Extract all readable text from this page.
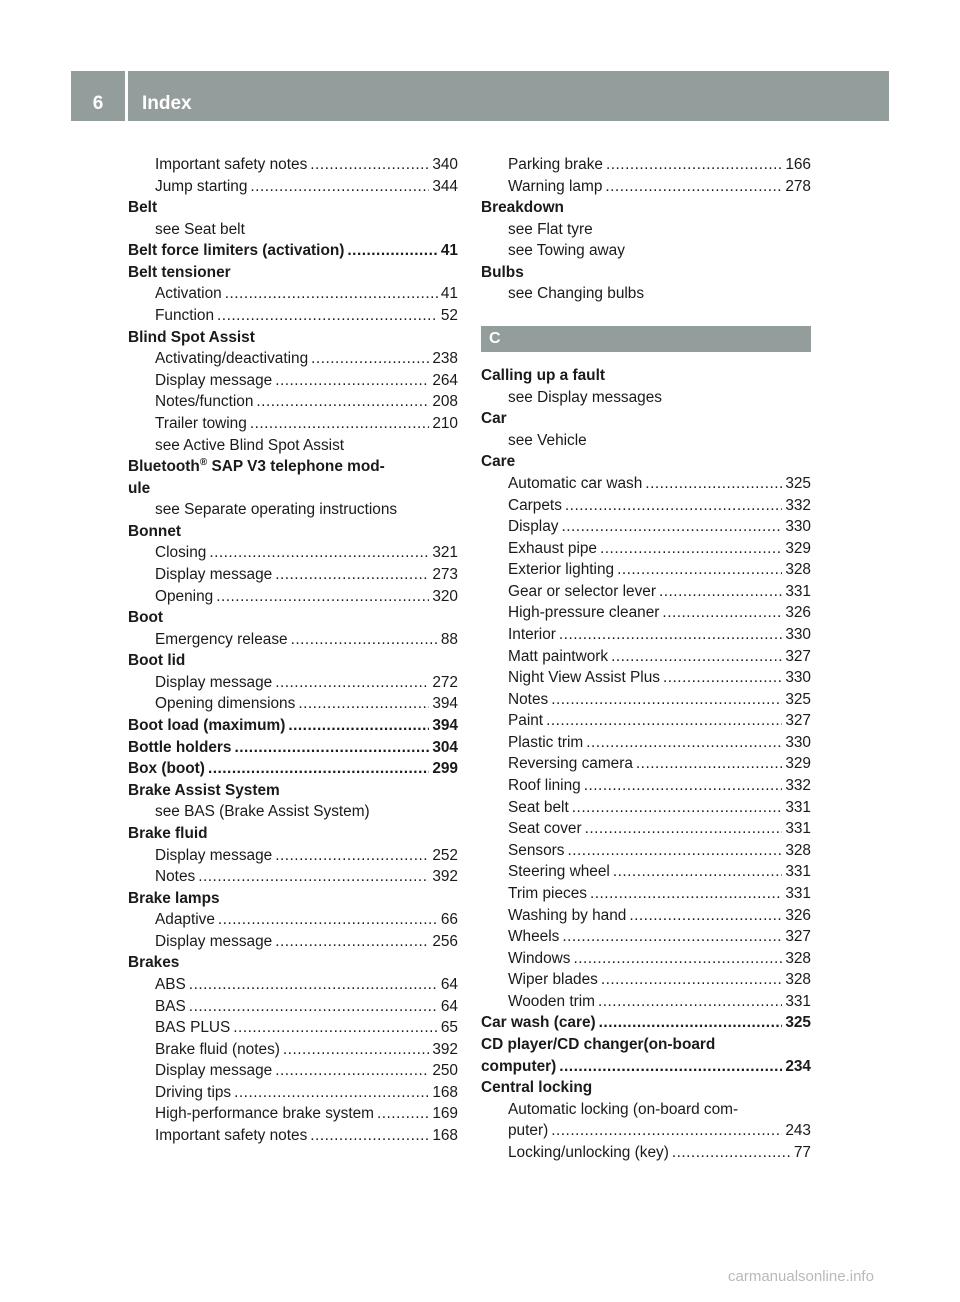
6	Index
Important safety notes .....	340
Jump starting .....	344
Belt
see Seat belt
Belt force limiters (activation) .....	41
Belt tensioner
Activation .....	41
Function .....	52
Blind Spot Assist
Activating/deactivating .....	238
Display message .....	264
Notes/function .....	208
Trailer towing .....	210
see Active Blind Spot Assist
Bluetooth® SAP V3 telephone mod-
ule
see Separate operating instructions
Bonnet
Closing .....	321
Display message .....	273
Opening .....	320
Boot
Emergency release .....	88
Boot lid
Display message .....	272
Opening dimensions .....	394
Boot load (maximum) .....	394
Bottle holders .....	304
Box (boot) .....	299
Brake Assist System
see BAS (Brake Assist System)
Brake fluid
Display message .....	252
Notes .....	392
Brake lamps
Adaptive .....	66
Display message .....	256
Brakes
ABS .....	64
BAS .....	64
BAS PLUS .....	65
Brake fluid (notes) .....	392
Display message .....	250
Driving tips .....	168
High-performance brake system .....	169
Important safety notes .....	168
Parking brake .....	166
Warning lamp .....	278
Breakdown
see Flat tyre
see Towing away
Bulbs
see Changing bulbs
C
Calling up a fault
see Display messages
Car
see Vehicle
Care
Automatic car wash .....	325
Carpets .....	332
Display .....	330
Exhaust pipe .....	329
Exterior lighting .....	328
Gear or selector lever .....	331
High-pressure cleaner .....	326
Interior .....	330
Matt paintwork .....	327
Night View Assist Plus .....	330
Notes .....	325
Paint .....	327
Plastic trim .....	330
Reversing camera .....	329
Roof lining .....	332
Seat belt .....	331
Seat cover .....	331
Sensors .....	328
Steering wheel .....	331
Trim pieces .....	331
Washing by hand .....	326
Wheels .....	327
Windows .....	328
Wiper blades .....	328
Wooden trim .....	331
Car wash (care) .....	325
CD player/CD changer(on-board
computer) .....	234
Central locking
Automatic locking (on-board com-
puter) .....	243
Locking/unlocking (key) .....	77
carmanualsonline.info
